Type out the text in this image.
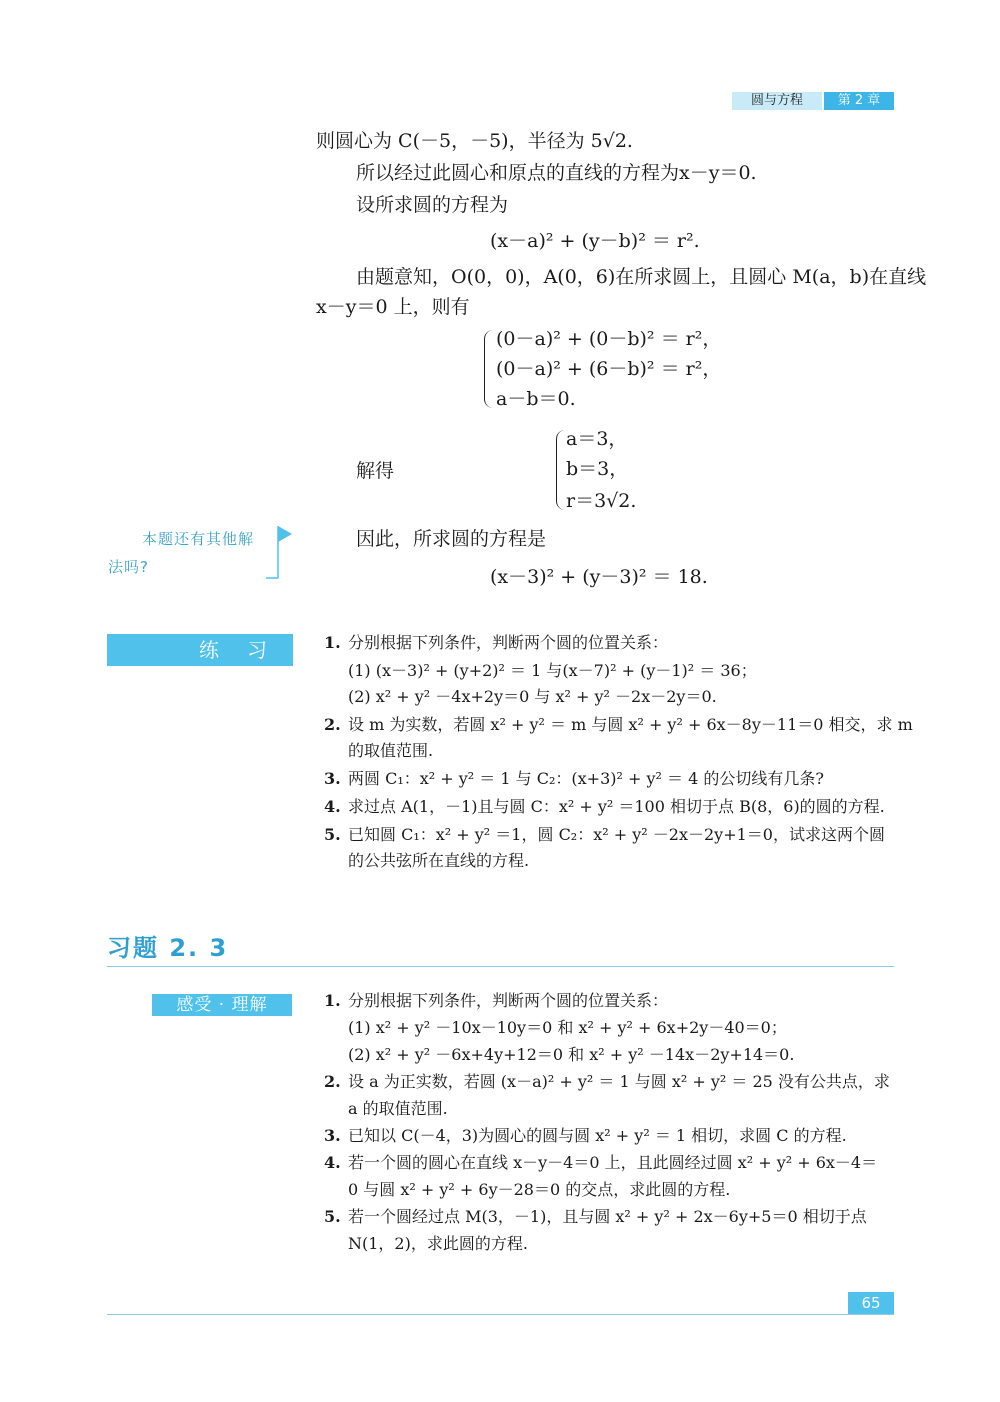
圆与方程	第 2 章
则圆心为 C(－5，－5)，半径为 5√2.
所以经过此圆心和原点的直线的方程为x－y＝0.
设所求圆的方程为
(x－a)² + (y－b)² ＝ r².
由题意知，O(0，0)，A(0，6)在所求圆上，且圆心 M(a，b)在直线
x－y＝0 上，则有
(0－a)² + (0－b)² ＝ r²，
(0－a)² + (6－b)² ＝ r²，
a－b＝0.
解得
a＝3，
b＝3，
r＝3√2.
本题还有其他解
法吗?
因此，所求圆的方程是
(x－3)² + (y－3)² ＝ 18.
练　习	1. 分别根据下列条件，判断两个圆的位置关系：
(1) (x－3)² + (y+2)² ＝ 1 与(x－7)² + (y－1)² ＝ 36；
(2) x² + y² －4x+2y＝0 与 x² + y² －2x－2y＝0.
2. 设 m 为实数，若圆 x² + y² ＝ m 与圆 x² + y² + 6x－8y－11＝0 相交，求 m
的取值范围.
3. 两圆 C₁：x² + y² ＝ 1 与 C₂：(x+3)² + y² ＝ 4 的公切线有几条?
4. 求过点 A(1，－1)且与圆 C：x² + y² ＝100 相切于点 B(8，6)的圆的方程.
5. 已知圆 C₁：x² + y² ＝1，圆 C₂：x² + y² －2x－2y+1＝0，试求这两个圆
的公共弦所在直线的方程.
习题 2. 3
感受 · 理解	1. 分别根据下列条件，判断两个圆的位置关系：
(1) x² + y² －10x－10y＝0 和 x² + y² + 6x+2y－40＝0；
(2) x² + y² －6x+4y+12＝0 和 x² + y² －14x－2y+14＝0.
2. 设 a 为正实数，若圆 (x－a)² + y² ＝ 1 与圆 x² + y² ＝ 25 没有公共点，求
a 的取值范围.
3. 已知以 C(－4，3)为圆心的圆与圆 x² + y² ＝ 1 相切，求圆 C 的方程.
4. 若一个圆的圆心在直线 x－y－4＝0 上，且此圆经过圆 x² + y² + 6x－4＝
0 与圆 x² + y² + 6y－28＝0 的交点，求此圆的方程.
5. 若一个圆经过点 M(3，－1)，且与圆 x² + y² + 2x－6y+5＝0 相切于点
N(1，2)，求此圆的方程.
65
